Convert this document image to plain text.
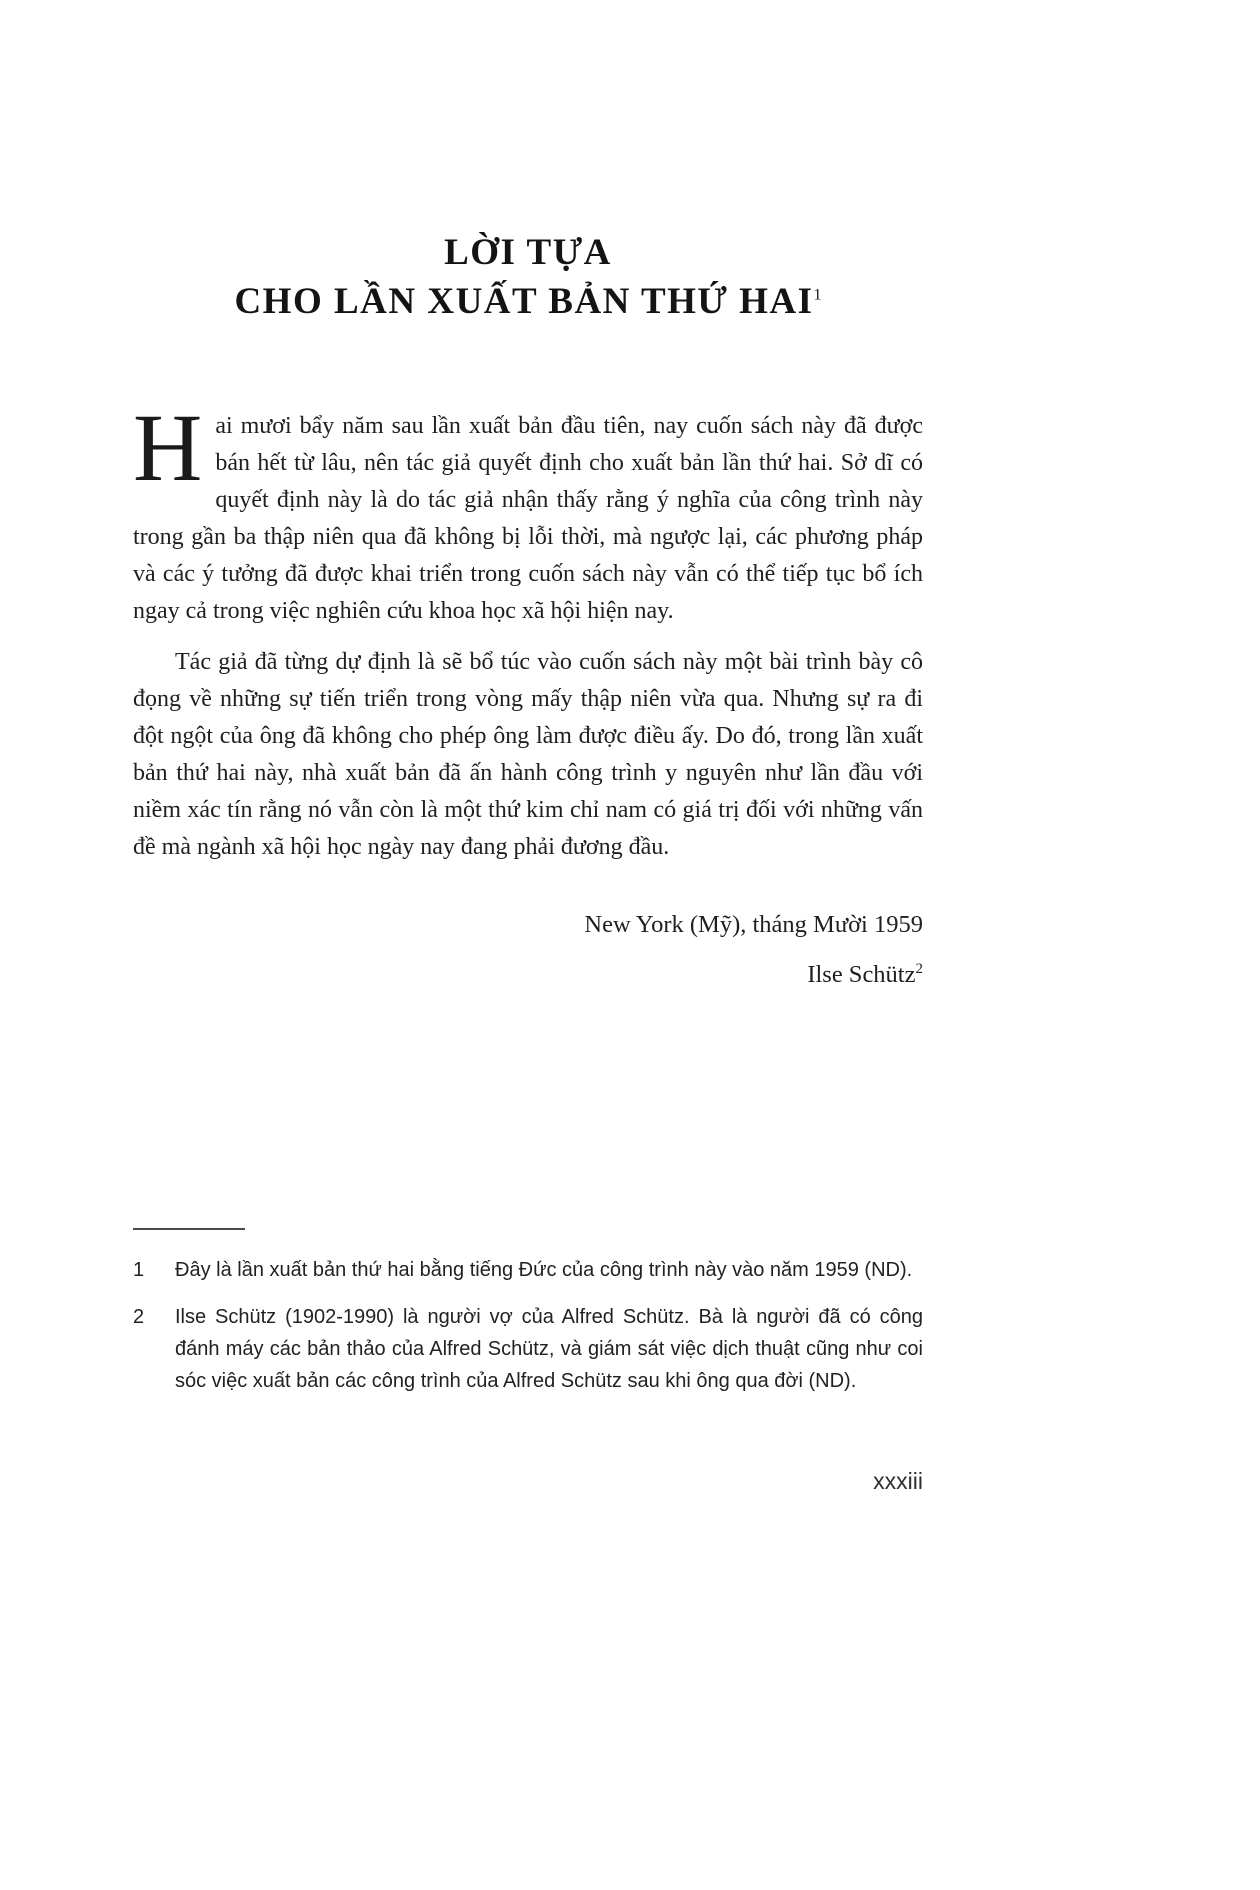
LỜI TỰA
CHO LẦN XUẤT BẢN THỨ HAI$^1$

Hai mươi bẩy năm sau lần xuất bản đầu tiên, nay cuốn sách này đã được bán hết từ lâu, nên tác giả quyết định cho xuất bản lần thứ hai. Sở dĩ có quyết định này là do tác giả nhận thấy rằng ý nghĩa của công trình này trong gần ba thập niên qua đã không bị lỗi thời, mà ngược lại, các phương pháp và các ý tưởng đã được khai triển trong cuốn sách này vẫn có thể tiếp tục bổ ích ngay cả trong việc nghiên cứu khoa học xã hội hiện nay.

Tác giả đã từng dự định là sẽ bổ túc vào cuốn sách này một bài trình bày cô đọng về những sự tiến triển trong vòng mấy thập niên vừa qua. Nhưng sự ra đi đột ngột của ông đã không cho phép ông làm được điều ấy. Do đó, trong lần xuất bản thứ hai này, nhà xuất bản đã ấn hành công trình y nguyên như lần đầu với niềm xác tín rằng nó vẫn còn là một thứ kim chỉ nam có giá trị đối với những vấn đề mà ngành xã hội học ngày nay đang phải đương đầu.

New York (Mỹ), tháng Mười 1959
Ilse Schütz$^2$
1	Đây là lần xuất bản thứ hai bằng tiếng Đức của công trình này vào năm 1959 (ND).
2	Ilse Schütz (1902-1990) là người vợ của Alfred Schütz. Bà là người đã có công đánh máy các bản thảo của Alfred Schütz, và giám sát việc dịch thuật cũng như coi sóc việc xuất bản các công trình của Alfred Schütz sau khi ông qua đời (ND).
xxxiii
